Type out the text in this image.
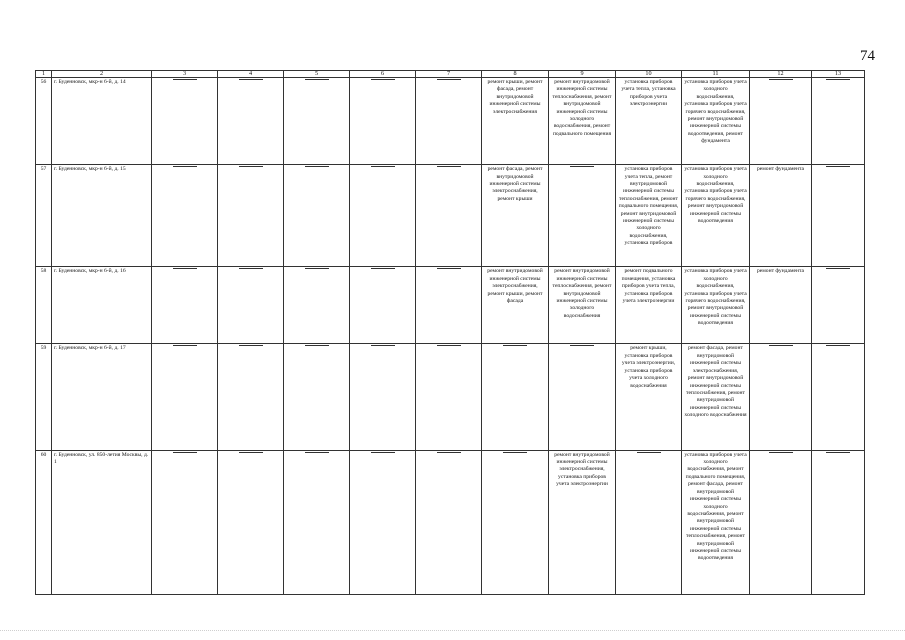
74
1	2	3	4	5	6	7	8	9	10	11	12	13
56	г. Буденновск, мкр-н 6-й, д. 14						ремонт крыши, ремонт фасада, ремонт внутридомовой инженерной системы электроснабжения	ремонт внутридомовой инженерной системы теплоснабжения, ремонт внутридомовой инженерной системы холодного водоснабжения, ремонт подвального помещения	установка приборов учета тепла, установка приборов учета электроэнергии	установка приборов учета холодного водоснабжения, установка приборов учета горячего водоснабжения, ремонт внутридомовой инженерной системы водоотведения, ремонт фундамента		
57	г. Буденновск, мкр-н 6-й, д. 15						ремонт фасада, ремонт внутридомовой инженерной системы электроснабжения, ремонт крыши		установка приборов учета тепла, ремонт внутридомовой инженерной системы теплоснабжения, ремонт подвального помещения, ремонт внутридомовой инженерной системы холодного водоснабжения, установка приборов	установка приборов учета холодного водоснабжения, установка приборов учета горячего водоснабжения, ремонт внутридомовой инженерной системы водоотведения	ремонт фундамента	
58	г. Буденновск, мкр-н 6-й, д. 16						ремонт внутридомовой инженерной системы электроснабжения, ремонт крыши, ремонт фасада	ремонт внутридомовой инженерной системы теплоснабжения, ремонт внутридомовой инженерной системы холодного водоснабжения	ремонт подвального помещения, установка приборов учета тепла, установка приборов учета электроэнергии	установка приборов учета холодного водоснабжения, установка приборов учета горячего водоснабжения, ремонт внутридомовой инженерной системы водоотведения	ремонт фундамента	
59	г. Буденновск, мкр-н 6-й, д. 17								ремонт крыши, установка приборов учета электроэнергии, установка приборов учета холодного водоснабжения	ремонт фасада, ремонт внутридомовой инженерной системы электроснабжения, ремонт внутридомовой инженерной системы теплоснабжения, ремонт внутридомовой инженерной системы холодного водоснабжения		
60	г. Буденновск, ул. 850-летия Москвы, д. 1							ремонт внутридомовой инженерной системы электроснабжения, установка приборов учета электроэнергии		установка приборов учета холодного водоснабжения, ремонт подвального помещения, ремонт фасада, ремонт внутридомовой инженерной системы холодного водоснабжения, ремонт внутридомовой инженерной системы теплоснабжения, ремонт внутридомовой инженерной системы водоотведения		
